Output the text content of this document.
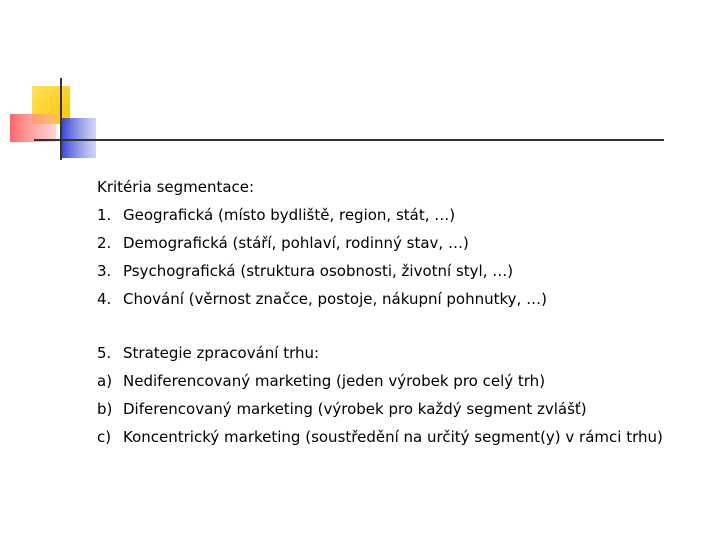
Kritéria segmentace:
1. Geografická (místo bydliště, region, stát, …)
2. Demografická (stáří, pohlaví, rodinný stav, …)
3. Psychografická (struktura osobnosti, životní styl, …)
4. Chování (věrnost značce, postoje, nákupní pohnutky, …)
5. Strategie zpracování trhu:
a) Nediferencovaný marketing (jeden výrobek pro celý trh)
b) Diferencovaný marketing (výrobek pro každý segment zvlášť)
c) Koncentrický marketing (soustředění na určitý segment(y) v rámci trhu)
